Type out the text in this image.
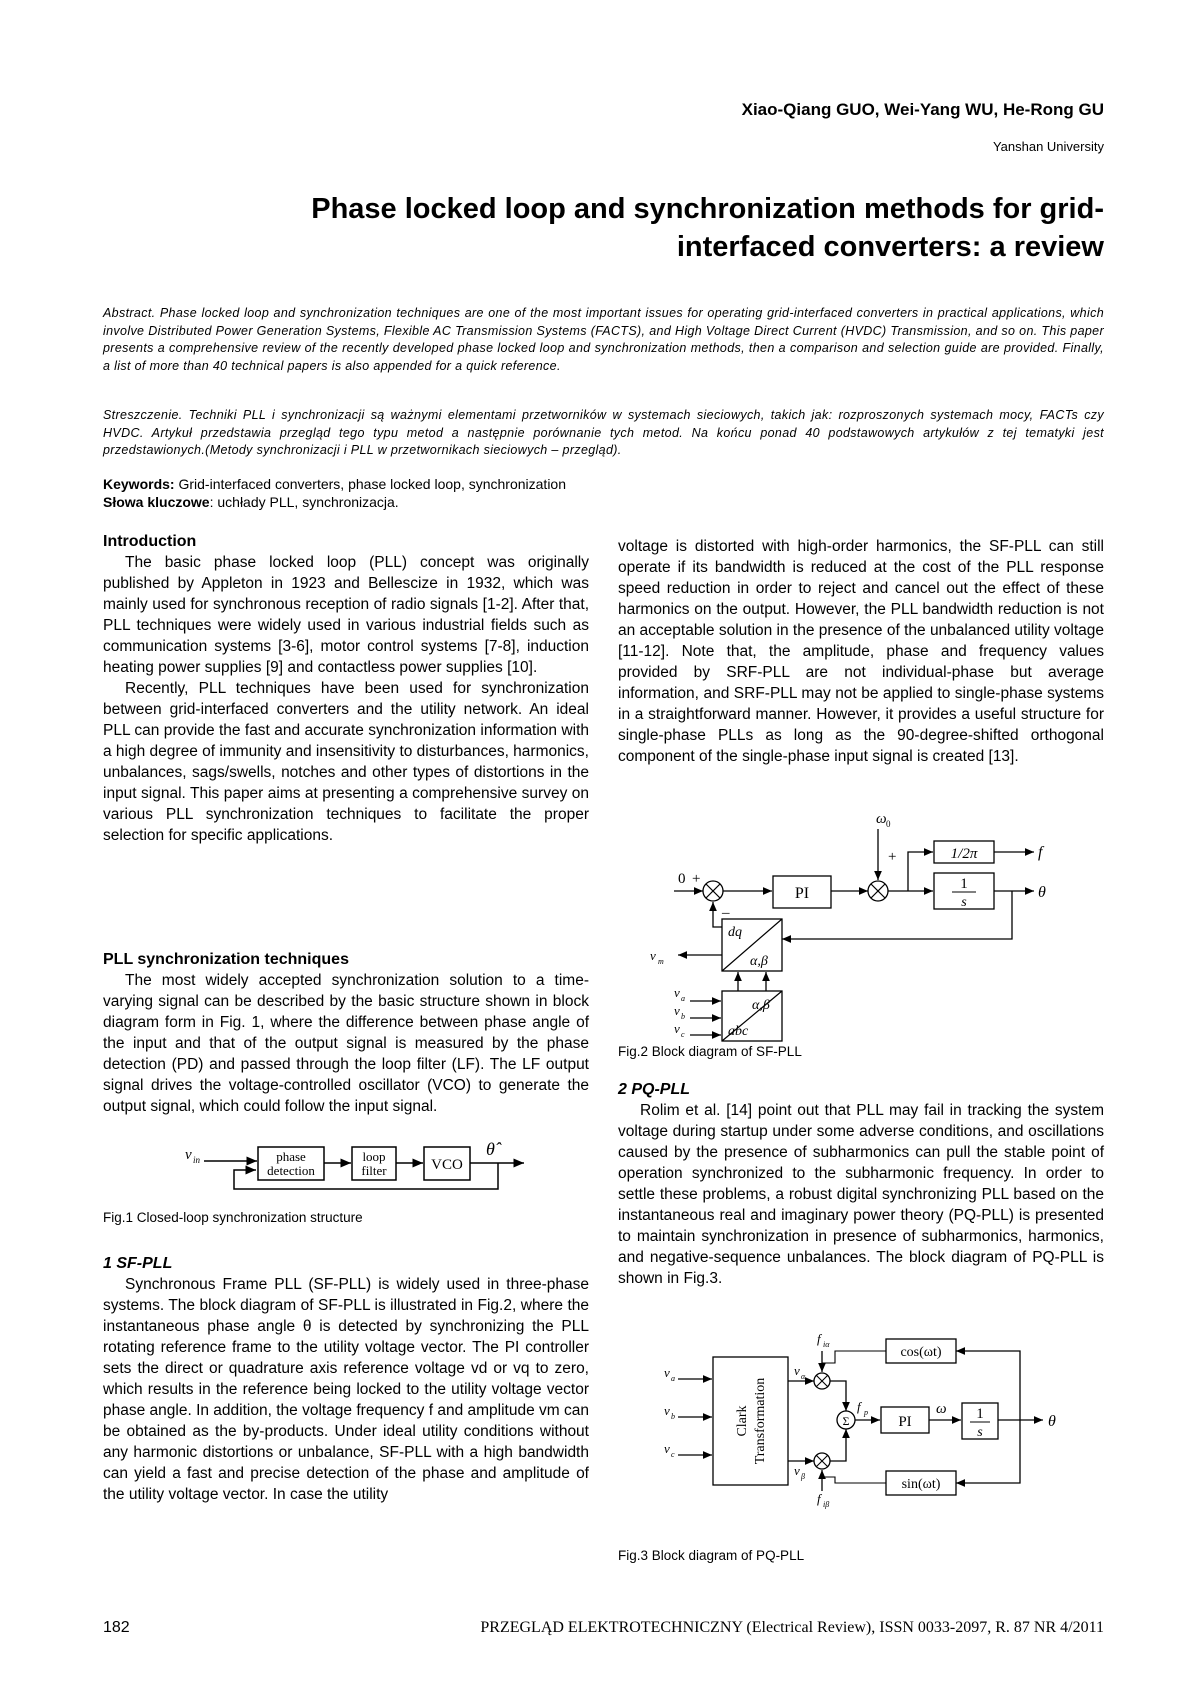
Xiao-Qiang GUO, Wei-Yang WU, He-Rong GU
Yanshan University
Phase locked loop and synchronization methods for grid-
interfaced converters: a review
Abstract. Phase locked loop and synchronization techniques are one of the most important issues for operating grid-interfaced converters in practical applications, which involve Distributed Power Generation Systems, Flexible AC Transmission Systems (FACTS), and High Voltage Direct Current (HVDC) Transmission, and so on. This paper presents a comprehensive review of the recently developed phase locked loop and synchronization methods, then a comparison and selection guide are provided. Finally, a list of more than 40 technical papers is also appended for a quick reference.
Streszczenie. Techniki PLL i synchronizacji są ważnymi elementami przetworników w systemach sieciowych, takich jak: rozproszonych systemach mocy, FACTs czy HVDC. Artykuł przedstawia przegląd tego typu metod a następnie porównanie tych metod. Na końcu ponad 40 podstawowych artykułów z tej tematyki jest przedstawionych.(Metody synchronizacji i PLL w przetwornikach sieciowych – przegląd).
Keywords: Grid-interfaced converters, phase locked loop, synchronization
Słowa kluczowe: uchłady PLL, synchronizacja.
Introduction

The basic phase locked loop (PLL) concept was originally published by Appleton in 1923 and Bellescize in 1932, which was mainly used for synchronous reception of radio signals [1-2]. After that, PLL techniques were widely used in various industrial fields such as communication systems [3-6], motor control systems [7-8], induction heating power supplies [9] and contactless power supplies [10].

Recently, PLL techniques have been used for synchronization between grid-interfaced converters and the utility network. An ideal PLL can provide the fast and accurate synchronization information with a high degree of immunity and insensitivity to disturbances, harmonics, unbalances, sags/swells, notches and other types of distortions in the input signal. This paper aims at presenting a comprehensive survey on various PLL synchronization techniques to facilitate the proper selection for specific applications.

PLL synchronization techniques

The most widely accepted synchronization solution to a time-varying signal can be described by the basic structure shown in block diagram form in Fig. 1, where the difference between phase angle of the input and that of the output signal is measured by the phase detection (PD) and passed through the loop filter (LF). The LF output signal drives the voltage-controlled oscillator (VCO) to generate the output signal, which could follow the input signal.

v in	phase
detection
loop
filter	VCO
θ̂
Fig.1 Closed-loop synchronization structure
1 SF-PLL

Synchronous Frame PLL (SF-PLL) is widely used in three-phase systems. The block diagram of SF-PLL is illustrated in Fig.2, where the instantaneous phase angle θ is detected by synchronizing the PLL rotating reference frame to the utility voltage vector. The PI controller sets the direct or quadrature axis reference voltage vd or vq to zero, which results in the reference being locked to the utility voltage vector phase angle. In addition, the voltage frequency f and amplitude vm can be obtained as the by-products. Under ideal utility conditions without any harmonic distortions or unbalance, SF-PLL with a high bandwidth can yield a fast and precise detection of the phase and amplitude of the utility voltage vector. In case the utility

voltage is distorted with high-order harmonics, the SF-PLL can still operate if its bandwidth is reduced at the cost of the PLL response speed reduction in order to reject and cancel out the effect of these harmonics on the output. However, the PLL bandwidth reduction is not an acceptable solution in the presence of the unbalanced utility voltage [11-12]. Note that, the amplitude, phase and frequency values provided by SRF-PLL are not individual-phase but average information, and SRF-PLL may not be applied to single-phase systems in a straightforward manner. However, it provides a useful structure for single-phase PLLs as long as the 90-degree-shifted orthogonal component of the single-phase input signal is created [13].

0 +
–
PI
ω 0
+	1/2π	f
1
s
θ
dq
α,β
v m
α,β
abc
v a
v b
v c
Fig.2 Block diagram of SF-PLL
2 PQ-PLL

Rolim et al. [14] point out that PLL may fail in tracking the system voltage during startup under some adverse conditions, and oscillations caused by the presence of subharmonics can pull the stable point of operation synchronized to the subharmonic frequency. In order to settle these problems, a robust digital synchronizing PLL based on the instantaneous real and imaginary power theory (PQ-PLL) is presented to maintain synchronization in presence of subharmonics, harmonics, and negative-sequence unbalances. The block diagram of PQ-PLL is shown in Fig.3.

v a
v b
v c
Clark Transformation
v α
f iα
v β
f iβ
Σ
f p
PI
ω 1
s
θ
cos(ωt)
sin(ωt)
Fig.3 Block diagram of PQ-PLL
182	PRZEGLĄD ELEKTROTECHNICZNY (Electrical Review), ISSN 0033-2097, R. 87 NR 4/2011
